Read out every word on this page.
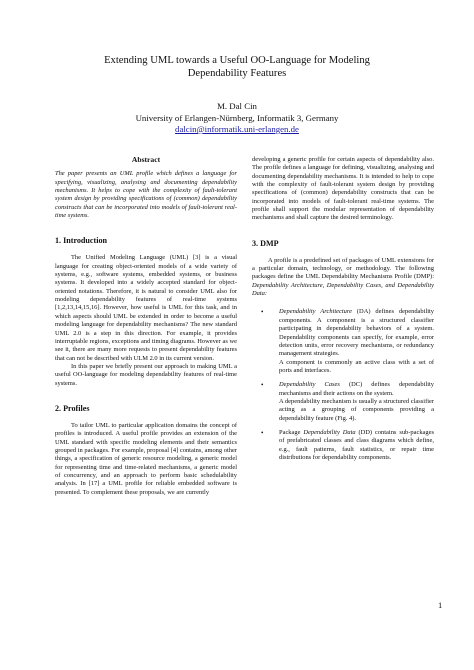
Extending UML towards a Useful OO-Language for Modeling
Dependability Features
M. Dal Cin
University of Erlangen-Nürnberg, Informatik 3, Germany
dalcin@informatik.uni-erlangen.de
Abstract

The paper presents an UML profile which defines a language for specifying, visualizing, analysing and documenting dependability mechanisms. It helps to cope with the complexity of fault-tolerant system design by providing specifications of (common) dependability constructs that can be incorporated into models of fault-tolerant real-time systems.

1. Introduction

The Unified Modeling Language (UML) [3] is a visual language for creating object-oriented models of a wide variety of systems, e.g., software systems, embedded systems, or business systems. It developed into a widely accepted standard for object-oriented notations. Therefore, it is natural to consider UML also for modeling dependability features of real-time systems [1,2,13,14,15,16]. However, how useful is UML for this task, and in which aspects should UML be extended in order to become a useful modeling language for dependability mechanisms? The new standard UML 2.0 is a step in this direction. For example, it provides interruptable regions, exceptions and timing diagrams. However as we see it, there are many more requests to present dependability features that can not be described with ULM 2.0 in its current version.

In this paper we briefly present our approach to making UML a useful OO-language for modeling dependability features of real-time systems.

2. Profiles

To tailor UML to particular application domains the concept of profiles is introduced. A useful profile provides an extension of the UML standard with specific modeling elements and their semantics grouped in packages. For example, proposal [4] contains, among other things, a specification of generic resource modeling, a generic model for representing time and time-related mechanisms, a generic model of concurrency, and an approach to perform basic schedulability analysis. In [17] a UML profile for reliable embedded software is presented. To complement these proposals, we are currently

developing a generic profile for certain aspects of dependability also. The profile defines a language for defining, visualizing, analysing and documenting dependability mechanisms. It is intended to help to cope with the complexity of fault-tolerant system design by providing specifications of (common) dependability constructs that can be incorporated into models of fault-tolerant real-time systems. The profile shall support the modular representation of dependability mechanisms and shall capture the desired terminology.

3. DMP

A profile is a predefined set of packages of UML extensions for a particular domain, technology, or methodology. The following packages define the UML Dependability Mechanisms Profile (DMP): Dependability Architecture, Dependability Cases, and Dependability Data:

• Dependability Architecture (DA) defines dependability components. A component is a structured classifier participating in dependability behaviors of a system. Dependability components can specify, for example, error detection units, error recovery mechanisms, or redundancy management strategies.

A component is commonly an active class with a set of ports and interfaces.

• Dependability Cases (DC) defines dependability mechanisms and their actions on the system.

A dependability mechanism is usually a structured classifier acting as a grouping of components providing a dependability feature (Fig. 4).

• Package Dependability Data (DD) contains sub-packages of prefabricated classes and class diagrams which define, e.g., fault patterns, fault statistics, or repair time distributions for dependability components.

1
